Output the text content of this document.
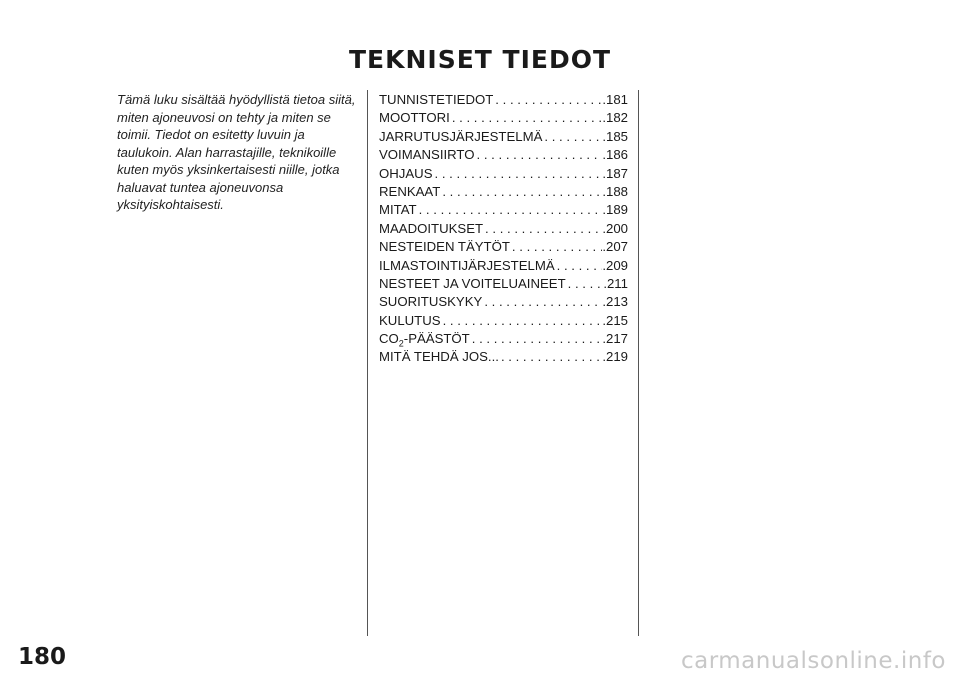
TEKNISET TIEDOT
Tämä luku sisältää hyödyllistä tietoa siitä, miten ajoneuvosi on tehty ja miten se toimii. Tiedot on esitetty luvuin ja taulukoin. Alan harrastajille, teknikoille kuten myös yksinkertaisesti niille, jotka haluavat tuntea ajoneuvonsa yksityiskohtaisesti.
TUNNISTETIEDOT . . .	.181
MOOTTORI . . .	.182
JARRUTUSJÄRJESTELMÄ . . .	.185
VOIMANSIIRTO . . .	.186
OHJAUS . . .	.187
RENKAAT . . .	.188
MITAT . . .	.189
MAADOITUKSET . . .	.200
NESTEIDEN TÄYTÖT . . .	.207
ILMASTOINTIJÄRJESTELMÄ . . .	.209
NESTEET JA VOITELUAINEET . . .	.211
SUORITUSKYKY . . .	.213
KULUTUS . . .	.215
$CO_2$-PÄÄSTÖT . . .	.217
MITÄ TEHDÄ JOS... . . .	.219
180	carmanualsonline.info
